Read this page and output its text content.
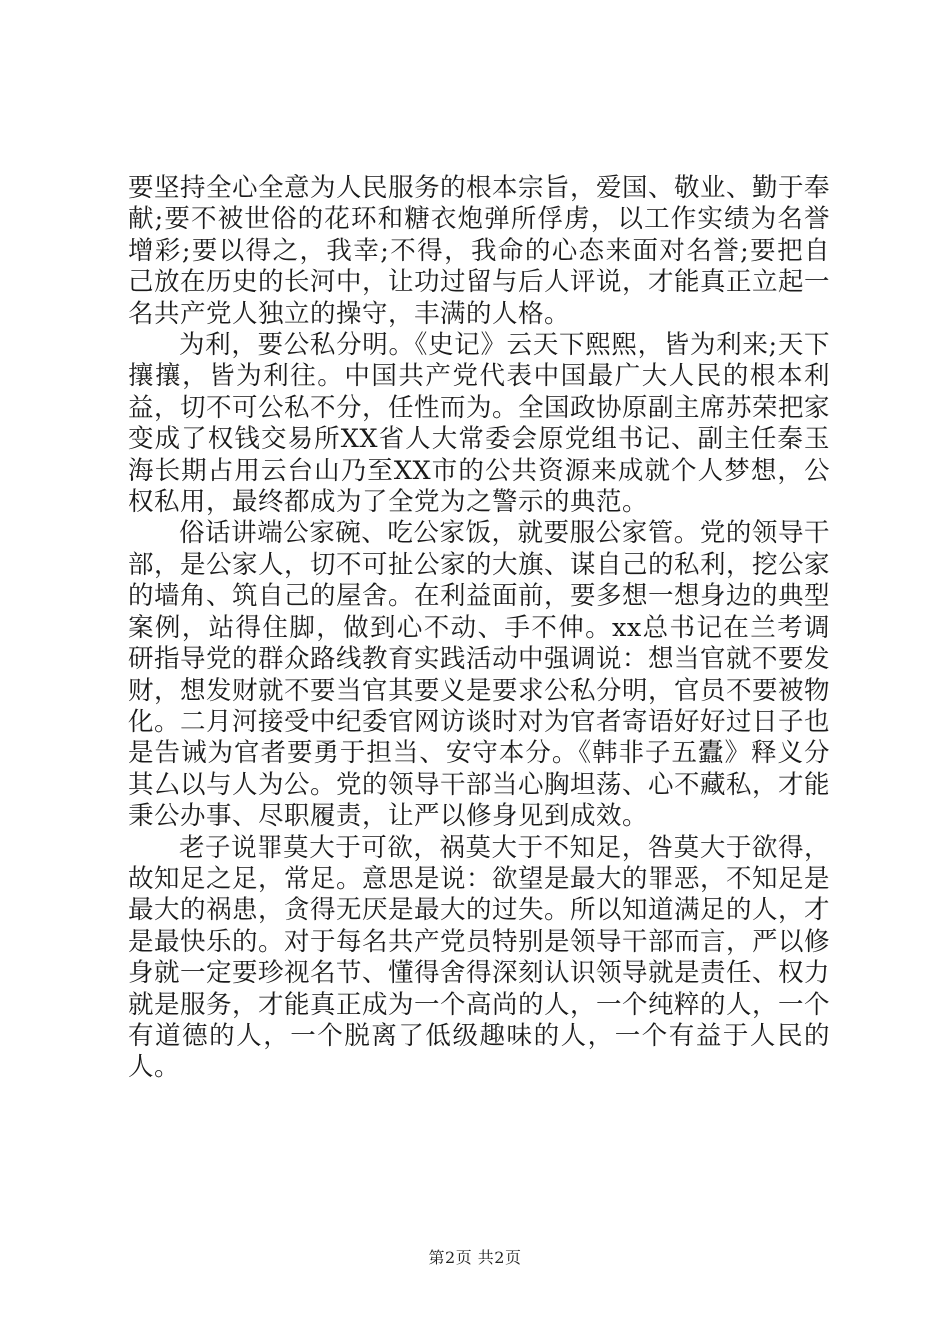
要坚持全心全意为人民服务的根本宗旨，爱国、敬业、勤于奉献;要不被世俗的花环和糖衣炮弹所俘虏，以工作实绩为名誉增彩;要以得之，我幸;不得，我命的心态来面对名誉;要把自己放在历史的长河中，让功过留与后人评说，才能真正立起一名共产党人独立的操守，丰满的人格。

为利，要公私分明。《史记》云天下熙熙，皆为利来;天下攘攘，皆为利往。中国共产党代表中国最广大人民的根本利益，切不可公私不分，任性而为。全国政协原副主席苏荣把家变成了权钱交易所XX省人大常委会原党组书记、副主任秦玉海长期占用云台山乃至XX市的公共资源来成就个人梦想，公权私用，最终都成为了全党为之警示的典范。

俗话讲端公家碗、吃公家饭，就要服公家管。党的领导干部，是公家人，切不可扯公家的大旗、谋自己的私利，挖公家的墙角、筑自己的屋舍。在利益面前，要多想一想身边的典型案例，站得住脚，做到心不动、手不伸。xx总书记在兰考调研指导党的群众路线教育实践活动中强调说：想当官就不要发财，想发财就不要当官其要义是要求公私分明，官员不要被物化。二月河接受中纪委官网访谈时对为官者寄语好好过日子也是告诫为官者要勇于担当、安守本分。《韩非子五蠹》释义分其厶以与人为公。党的领导干部当心胸坦荡、心不藏私，才能秉公办事、尽职履责，让严以修身见到成效。

老子说罪莫大于可欲，祸莫大于不知足，咎莫大于欲得，故知足之足，常足。意思是说：欲望是最大的罪恶，不知足是最大的祸患，贪得无厌是最大的过失。所以知道满足的人，才是最快乐的。对于每名共产党员特别是领导干部而言，严以修身就一定要珍视名节、懂得舍得深刻认识领导就是责任、权力就是服务，才能真正成为一个高尚的人，一个纯粹的人，一个有道德的人，一个脱离了低级趣味的人，一个有益于人民的人。

第2页 共2页
